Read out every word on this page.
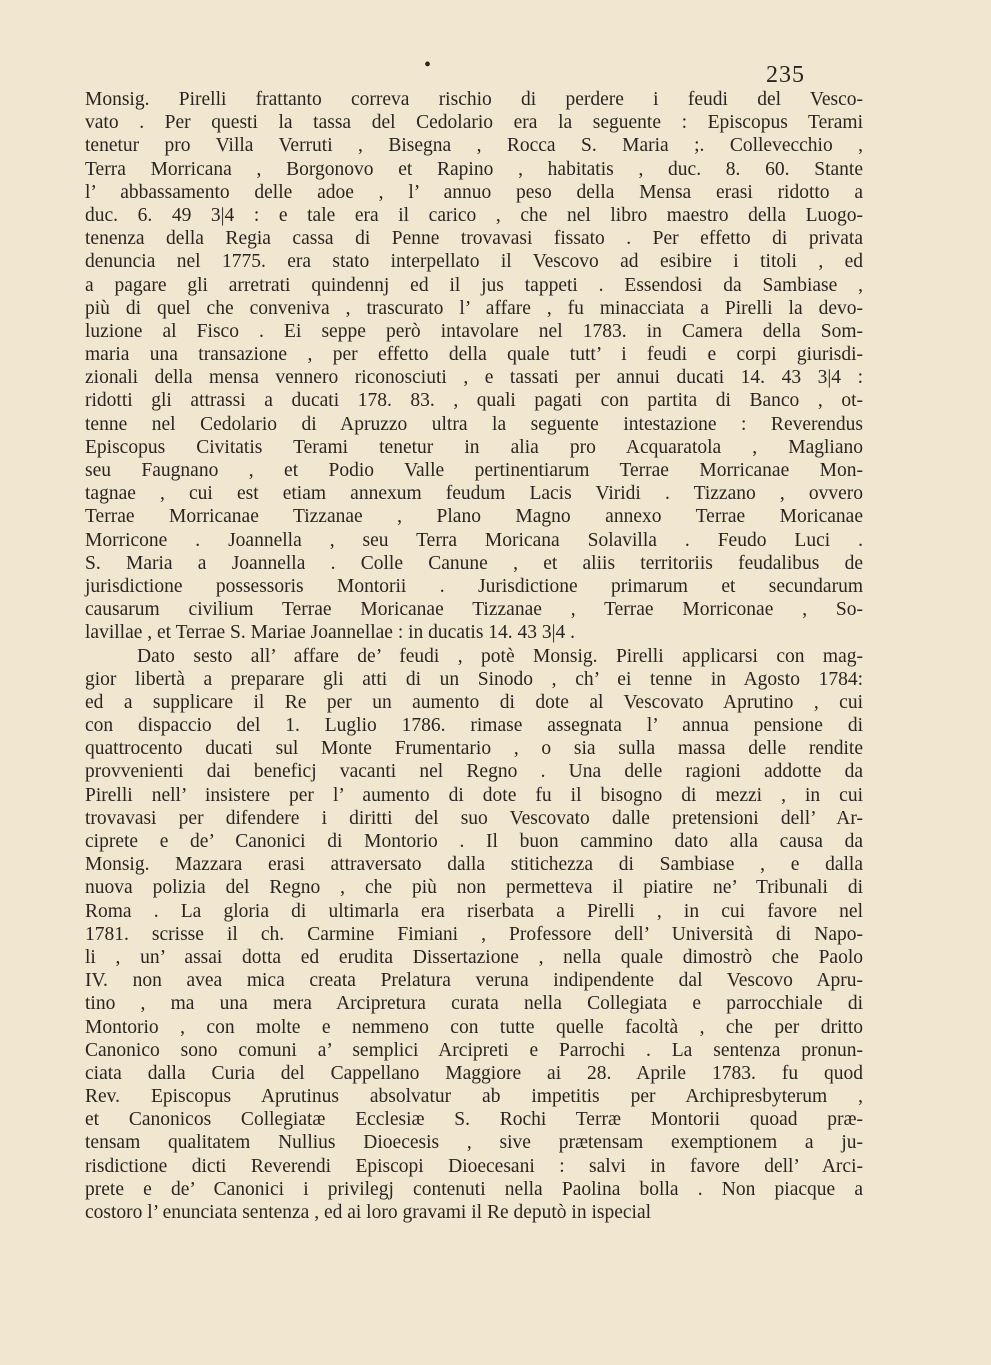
•	235
Monsig. Pirelli frattanto correva rischio di perdere i feudi del Vesco-
vato . Per questi la tassa del Cedolario era la seguente : Episcopus Terami
tenetur pro Villa Verruti , Bisegna , Rocca S. Maria ;. Collevecchio ,
Terra Morricana , Borgonovo et Rapino , habitatis , duc. 8. 60. Stante
l’ abbassamento delle adoe , l’ annuo peso della Mensa erasi ridotto a
duc. 6. 49 3|4 : e tale era il carico , che nel libro maestro della Luogo-
tenenza della Regia cassa di Penne trovavasi fissato . Per effetto di privata
denuncia nel 1775. era stato interpellato il Vescovo ad esibire i titoli , ed
a pagare gli arretrati quindennj ed il jus tappeti . Essendosi da Sambiase ,
più di quel che conveniva , trascurato l’ affare , fu minacciata a Pirelli la devo-
luzione al Fisco . Ei seppe però intavolare nel 1783. in Camera della Som-
maria una transazione , per effetto della quale tutt’ i feudi e corpi giurisdi-
zionali della mensa vennero riconosciuti , e tassati per annui ducati 14. 43 3|4 :
ridotti gli attrassi a ducati 178. 83. , quali pagati con partita di Banco , ot-
tenne nel Cedolario di Apruzzo ultra la seguente intestazione : Reverendus
Episcopus Civitatis Terami tenetur in alia pro Acquaratola , Magliano
seu Faugnano , et Podio Valle pertinentiarum Terrae Morricanae Mon-
tagnae , cui est etiam annexum feudum Lacis Viridi . Tizzano , ovvero
Terrae Morricanae Tizzanae , Plano Magno annexo Terrae Moricanae
Morricone . Joannella , seu Terra Moricana Solavilla . Feudo Luci .
S. Maria a Joannella . Colle Canune , et aliis territoriis feudalibus de
jurisdictione possessoris Montorii . Jurisdictione primarum et secundarum
causarum civilium Terrae Moricanae Tizzanae , Terrae Morriconae , So-
lavillae , et Terrae S. Mariae Joannellae : in ducatis 14. 43 3|4 .
Dato sesto all’ affare de’ feudi , potè Monsig. Pirelli applicarsi con mag-
gior libertà a preparare gli atti di un Sinodo , ch’ ei tenne in Agosto 1784:
ed a supplicare il Re per un aumento di dote al Vescovato Aprutino , cui
con dispaccio del 1. Luglio 1786. rimase assegnata l’ annua pensione di
quattrocento ducati sul Monte Frumentario , o sia sulla massa delle rendite
provvenienti dai beneficj vacanti nel Regno . Una delle ragioni addotte da
Pirelli nell’ insistere per l’ aumento di dote fu il bisogno di mezzi , in cui
trovavasi per difendere i diritti del suo Vescovato dalle pretensioni dell’ Ar-
ciprete e de’ Canonici di Montorio . Il buon cammino dato alla causa da
Monsig. Mazzara erasi attraversato dalla stitichezza di Sambiase , e dalla
nuova polizia del Regno , che più non permetteva il piatire ne’ Tribunali di
Roma . La gloria di ultimarla era riserbata a Pirelli , in cui favore nel
1781. scrisse il ch. Carmine Fimiani , Professore dell’ Università di Napo-
li , un’ assai dotta ed erudita Dissertazione , nella quale dimostrò che Paolo
IV. non avea mica creata Prelatura veruna indipendente dal Vescovo Apru-
tino , ma una mera Arcipretura curata nella Collegiata e parrocchiale di
Montorio , con molte e nemmeno con tutte quelle facoltà , che per dritto
Canonico sono comuni a’ semplici Arcipreti e Parrochi . La sentenza pronun-
ciata dalla Curia del Cappellano Maggiore ai 28. Aprile 1783. fu quod
Rev. Episcopus Aprutinus absolvatur ab impetitis per Archipresbyterum ,
et Canonicos Collegiatæ Ecclesiæ S. Rochi Terræ Montorii quoad præ-
tensam qualitatem Nullius Dioecesis , sive prætensam exemptionem a ju-
risdictione dicti Reverendi Episcopi Dioecesani : salvi in favore dell’ Arci-
prete e de’ Canonici i privilegj contenuti nella Paolina bolla . Non piacque a
costoro l’ enunciata sentenza , ed ai loro gravami il Re deputò in ispecial
